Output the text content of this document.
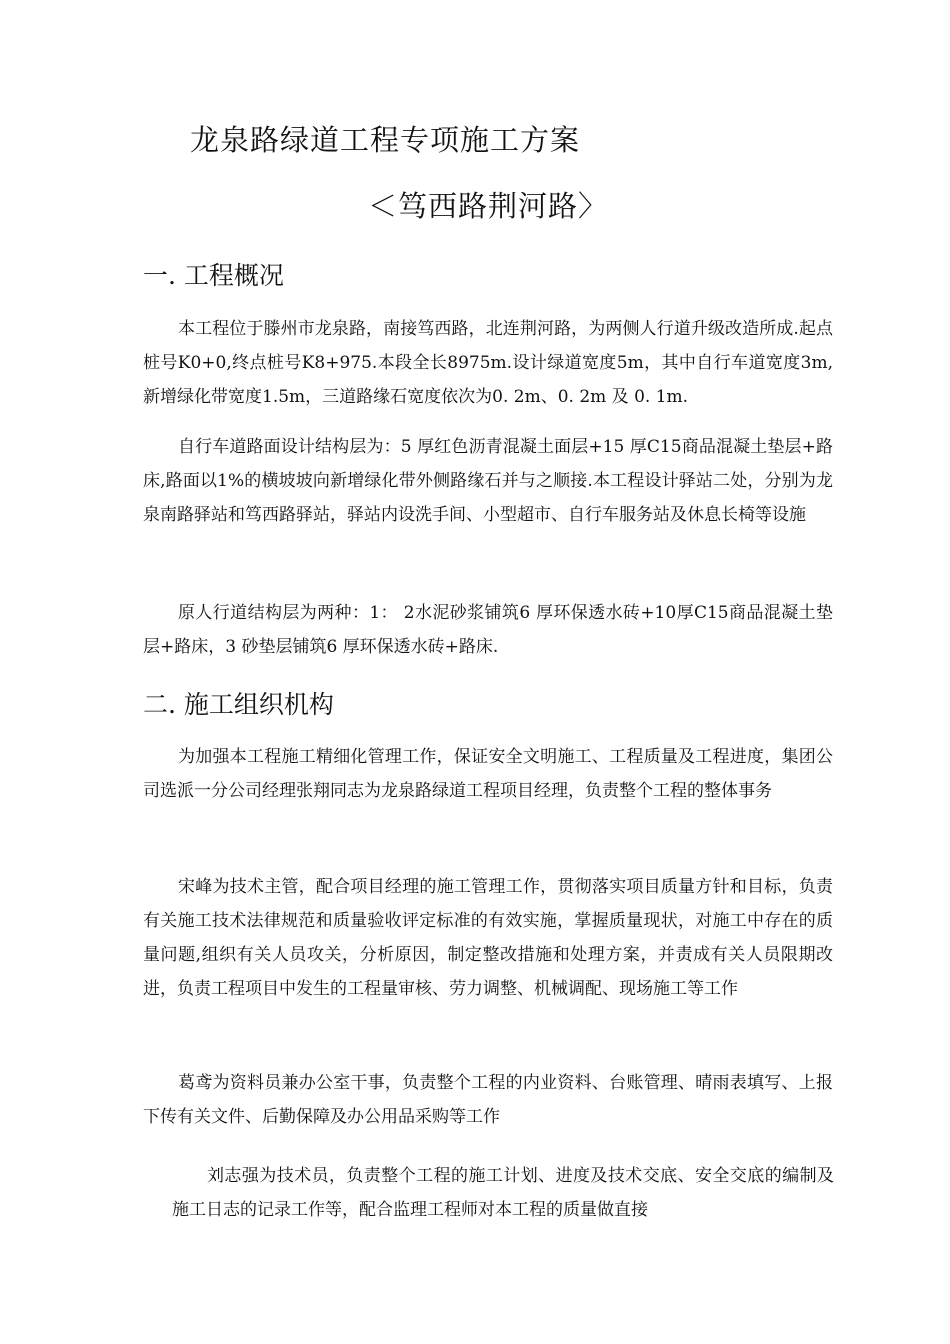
龙泉路绿道工程专项施工方案
＜笃西路荆河路〉
一. 工程概况
本工程位于滕州市龙泉路，南接笃西路，北连荆河路，为两侧人行道升级改造所成.起点桩号K0+0,终点桩号K8+975.本段全长8975m.设计绿道宽度5m，其中自行车道宽度3m,新增绿化带宽度1.5m，三道路缘石宽度依次为0. 2m、0. 2m 及 0. 1m.
自行车道路面设计结构层为：5 厚红色沥青混凝土面层+15 厚C15商品混凝土垫层+路床,路面以1%的横坡坡向新增绿化带外侧路缘石并与之顺接.本工程设计驿站二处，分别为龙泉南路驿站和笃西路驿站，驿站内设洗手间、小型超市、自行车服务站及休息长椅等设施
原人行道结构层为两种：1： 2水泥砂浆铺筑6 厚环保透水砖+10厚C15商品混凝土垫层+路床，3 砂垫层铺筑6 厚环保透水砖+路床.
二. 施工组织机构
为加强本工程施工精细化管理工作，保证安全文明施工、工程质量及工程进度，集团公司选派一分公司经理张翔同志为龙泉路绿道工程项目经理，负责整个工程的整体事务
宋峰为技术主管，配合项目经理的施工管理工作，贯彻落实项目质量方针和目标，负责有关施工技术法律规范和质量验收评定标准的有效实施，掌握质量现状，对施工中存在的质量问题,组织有关人员攻关，分析原因，制定整改措施和处理方案，并责成有关人员限期改进，负责工程项目中发生的工程量审核、劳力调整、机械调配、现场施工等工作
葛鸢为资料员兼办公室干事，负责整个工程的内业资料、台账管理、晴雨表填写、上报下传有关文件、后勤保障及办公用品采购等工作
刘志强为技术员，负责整个工程的施工计划、进度及技术交底、安全交底的编制及施工日志的记录工作等，配合监理工程师对本工程的质量做直接
